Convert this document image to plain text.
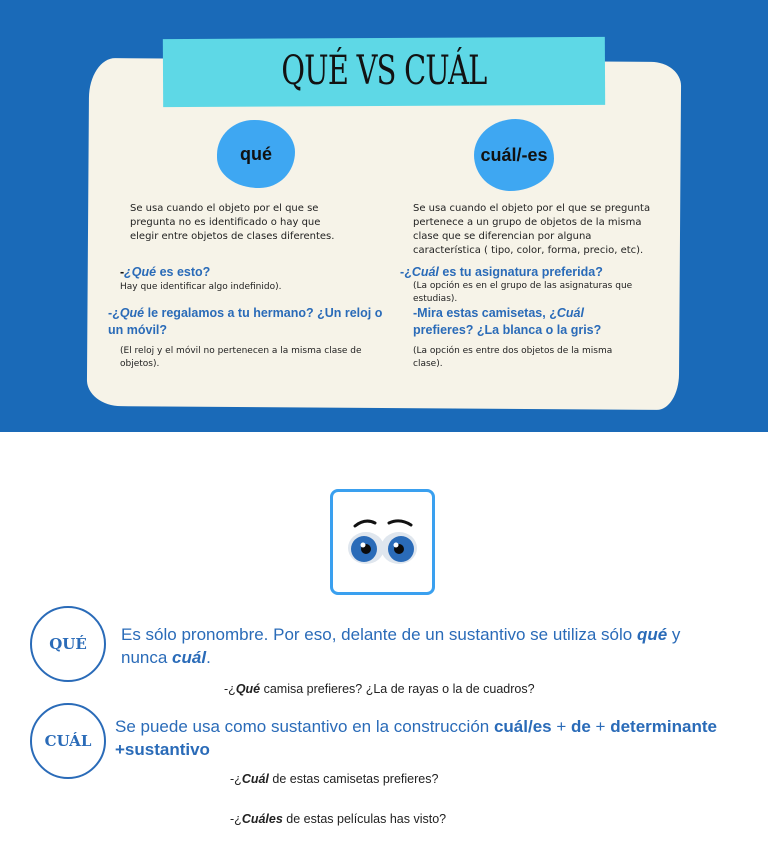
QUÉ VS CUÁL
qué	cuál/-es
Se usa cuando el objeto por el que se
pregunta no es identificado o hay que
elegir entre objetos de clases diferentes.
-¿Qué es esto?
Hay que identificar algo indefinido).
-¿Qué le regalamos a tu hermano? ¿Un reloj o
un móvil?
(El reloj y el móvil no pertenecen a la misma clase de
objetos).
Se usa cuando el objeto por el que se pregunta
pertenece a un grupo de objetos de la misma
clase que se diferencian por alguna
característica ( tipo, color, forma, precio, etc).
-¿Cuál es tu asignatura preferida?
(La opción es en el grupo de las asignaturas que
estudias).
-Mira estas camisetas, ¿Cuál
prefieres? ¿La blanca o la gris?
(La opción es entre dos objetos de la misma
clase).
QUÉ	Es sólo pronombre. Por eso, delante de un sustantivo se utiliza sólo qué y
nunca cuál.
-¿Qué camisa prefieres? ¿La de rayas o la de cuadros?
CUÁL
Se puede usa como sustantivo en la construcción cuál/es + de + determinante
+sustantivo
-¿Cuál de estas camisetas prefieres?
-¿Cuáles de estas películas has visto?
